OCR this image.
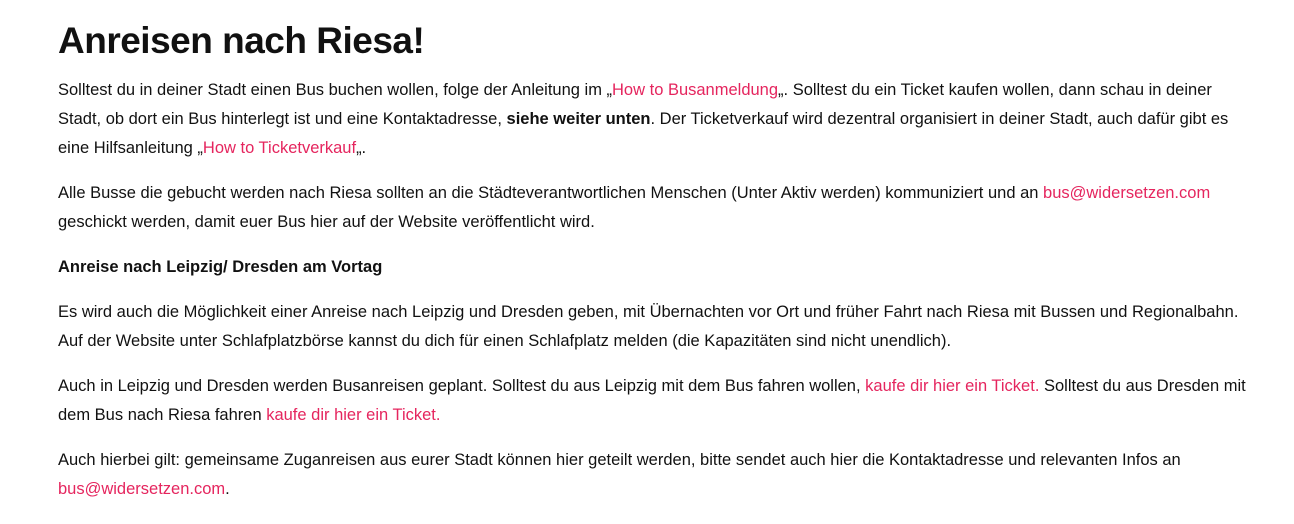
Anreisen nach Riesa!

Solltest du in deiner Stadt einen Bus buchen wollen, folge der Anleitung im „How to Busanmeldung„. Solltest du ein Ticket kaufen wollen, dann schau in deiner Stadt, ob dort ein Bus hinterlegt ist und eine Kontaktadresse, siehe weiter unten. Der Ticketverkauf wird dezentral organisiert in deiner Stadt, auch dafür gibt es eine Hilfsanleitung „How to Ticketverkauf„.

Alle Busse die gebucht werden nach Riesa sollten an die Städteverantwortlichen Menschen (Unter Aktiv werden) kommuniziert und an bus@widersetzen.com geschickt werden, damit euer Bus hier auf der Website veröffentlicht wird.

Anreise nach Leipzig/ Dresden am Vortag

Es wird auch die Möglichkeit einer Anreise nach Leipzig und Dresden geben, mit Übernachten vor Ort und früher Fahrt nach Riesa mit Bussen und Regionalbahn. Auf der Website unter Schlafplatzbörse kannst du dich für einen Schlafplatz melden (die Kapazitäten sind nicht unendlich).

Auch in Leipzig und Dresden werden Busanreisen geplant. Solltest du aus Leipzig mit dem Bus fahren wollen, kaufe dir hier ein Ticket. Solltest du aus Dresden mit dem Bus nach Riesa fahren kaufe dir hier ein Ticket.

Auch hierbei gilt: gemeinsame Zuganreisen aus eurer Stadt können hier geteilt werden, bitte sendet auch hier die Kontaktadresse und relevanten Infos an bus@widersetzen.com.
